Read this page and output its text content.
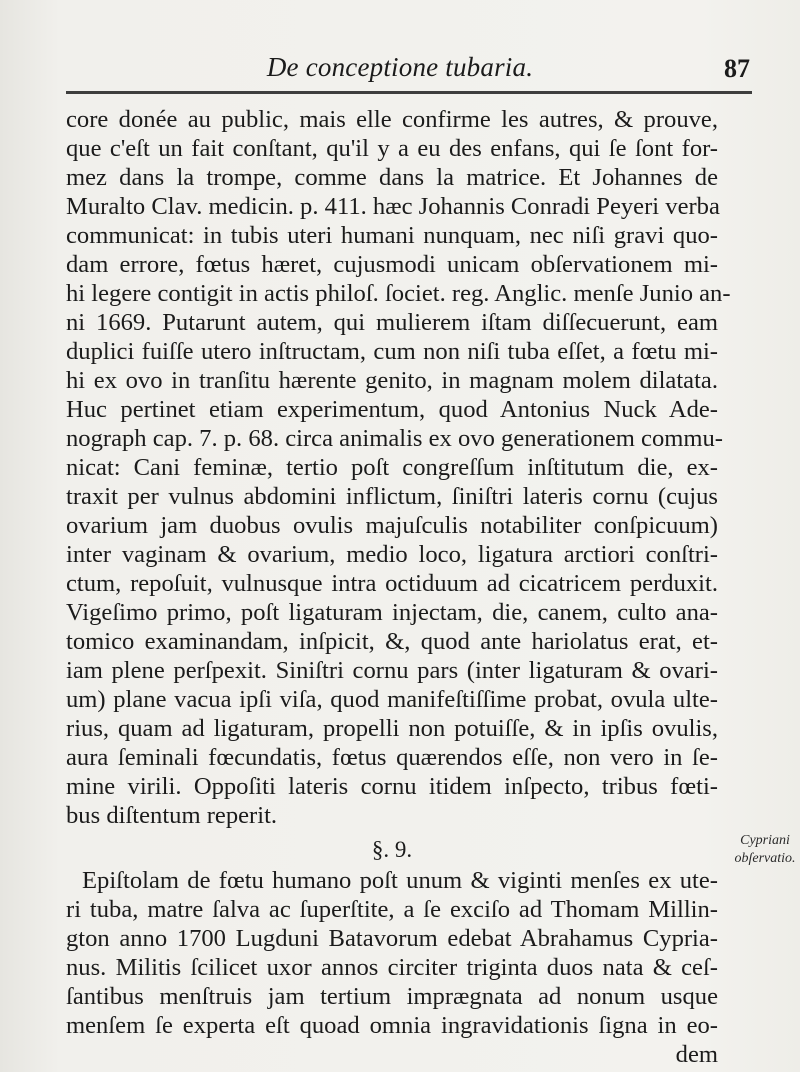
De conceptione tubaria.	87
core donée au public, mais elle confirme les autres, & prouve,
que c'eſt un fait conſtant, qu'il y a eu des enfans, qui ſe ſont for-
mez dans la trompe, comme dans la matrice. Et Johannes de
Muralto Clav. medicin. p. 411. hæc Johannis Conradi Peyeri verba
communicat: in tubis uteri humani nunquam, nec niſi gravi quo-
dam errore, fœtus hæret, cujusmodi unicam obſervationem mi-
hi legere contigit in actis philoſ. ſociet. reg. Anglic. menſe Junio an-
ni 1669. Putarunt autem, qui mulierem iſtam diſſecuerunt, eam
duplici fuiſſe utero inſtructam, cum non niſi tuba eſſet, a fœtu mi-
hi ex ovo in tranſitu hærente genito, in magnam molem dilatata.
Huc pertinet etiam experimentum, quod Antonius Nuck Ade-
nograph cap. 7. p. 68. circa animalis ex ovo generationem commu-
nicat: Cani feminæ, tertio poſt congreſſum inſtitutum die, ex-
traxit per vulnus abdomini inflictum, ſiniſtri lateris cornu (cujus
ovarium jam duobus ovulis majuſculis notabiliter conſpicuum)
inter vaginam & ovarium, medio loco, ligatura arctiori conſtri-
ctum, repoſuit, vulnusque intra octiduum ad cicatricem perduxit.
Vigeſimo primo, poſt ligaturam injectam, die, canem, culto ana-
tomico examinandam, inſpicit, &, quod ante hariolatus erat, et-
iam plene perſpexit. Siniſtri cornu pars (inter ligaturam & ovari-
um) plane vacua ipſi viſa, quod manifeſtiſſime probat, ovula ulte-
rius, quam ad ligaturam, propelli non potuiſſe, & in ipſis ovulis,
aura ſeminali fœcundatis, fœtus quærendos eſſe, non vero in ſe-
mine virili. Oppoſiti lateris cornu itidem inſpecto, tribus fœti-
bus diſtentum reperit.
§. 9.
Epiſtolam de fœtu humano poſt unum & viginti menſes ex ute-
ri tuba, matre ſalva ac ſuperſtite, a ſe exciſo ad Thomam Millin-
gton anno 1700 Lugduni Batavorum edebat Abrahamus Cypria-
nus. Militis ſcilicet uxor annos circiter triginta duos nata & ceſ-
ſantibus menſtruis jam tertium imprægnata ad nonum usque
menſem ſe experta eſt quoad omnia ingravidationis ſigna in eo-
dem
Cypriani
obſervatio.
